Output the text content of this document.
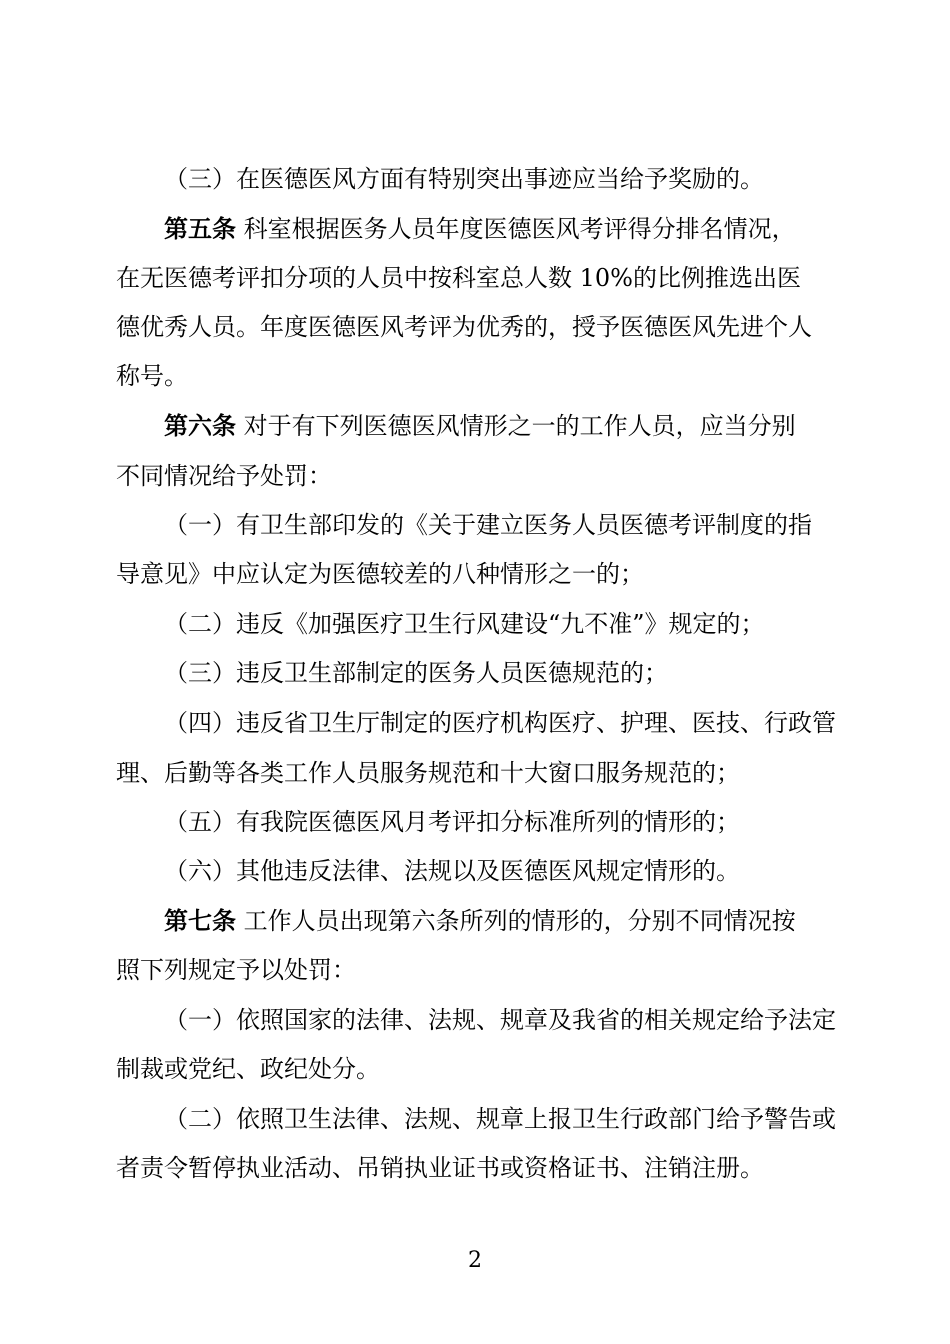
（三）在医德医风方面有特别突出事迹应当给予奖励的。
第五条 科室根据医务人员年度医德医风考评得分排名情况，
在无医德考评扣分项的人员中按科室总人数 10%的比例推选出医
德优秀人员。年度医德医风考评为优秀的，授予医德医风先进个人
称号。
第六条 对于有下列医德医风情形之一的工作人员，应当分别
不同情况给予处罚：
（一）有卫生部印发的《关于建立医务人员医德考评制度的指
导意见》中应认定为医德较差的八种情形之一的；
（二）违反《加强医疗卫生行风建设“九不准”》规定的；
（三）违反卫生部制定的医务人员医德规范的；
（四）违反省卫生厅制定的医疗机构医疗、护理、医技、行政管
理、后勤等各类工作人员服务规范和十大窗口服务规范的；
（五）有我院医德医风月考评扣分标准所列的情形的；
（六）其他违反法律、法规以及医德医风规定情形的。
第七条 工作人员出现第六条所列的情形的，分别不同情况按
照下列规定予以处罚：
（一）依照国家的法律、法规、规章及我省的相关规定给予法定
制裁或党纪、政纪处分。
（二）依照卫生法律、法规、规章上报卫生行政部门给予警告或
者责令暂停执业活动、吊销执业证书或资格证书、注销注册。
2
